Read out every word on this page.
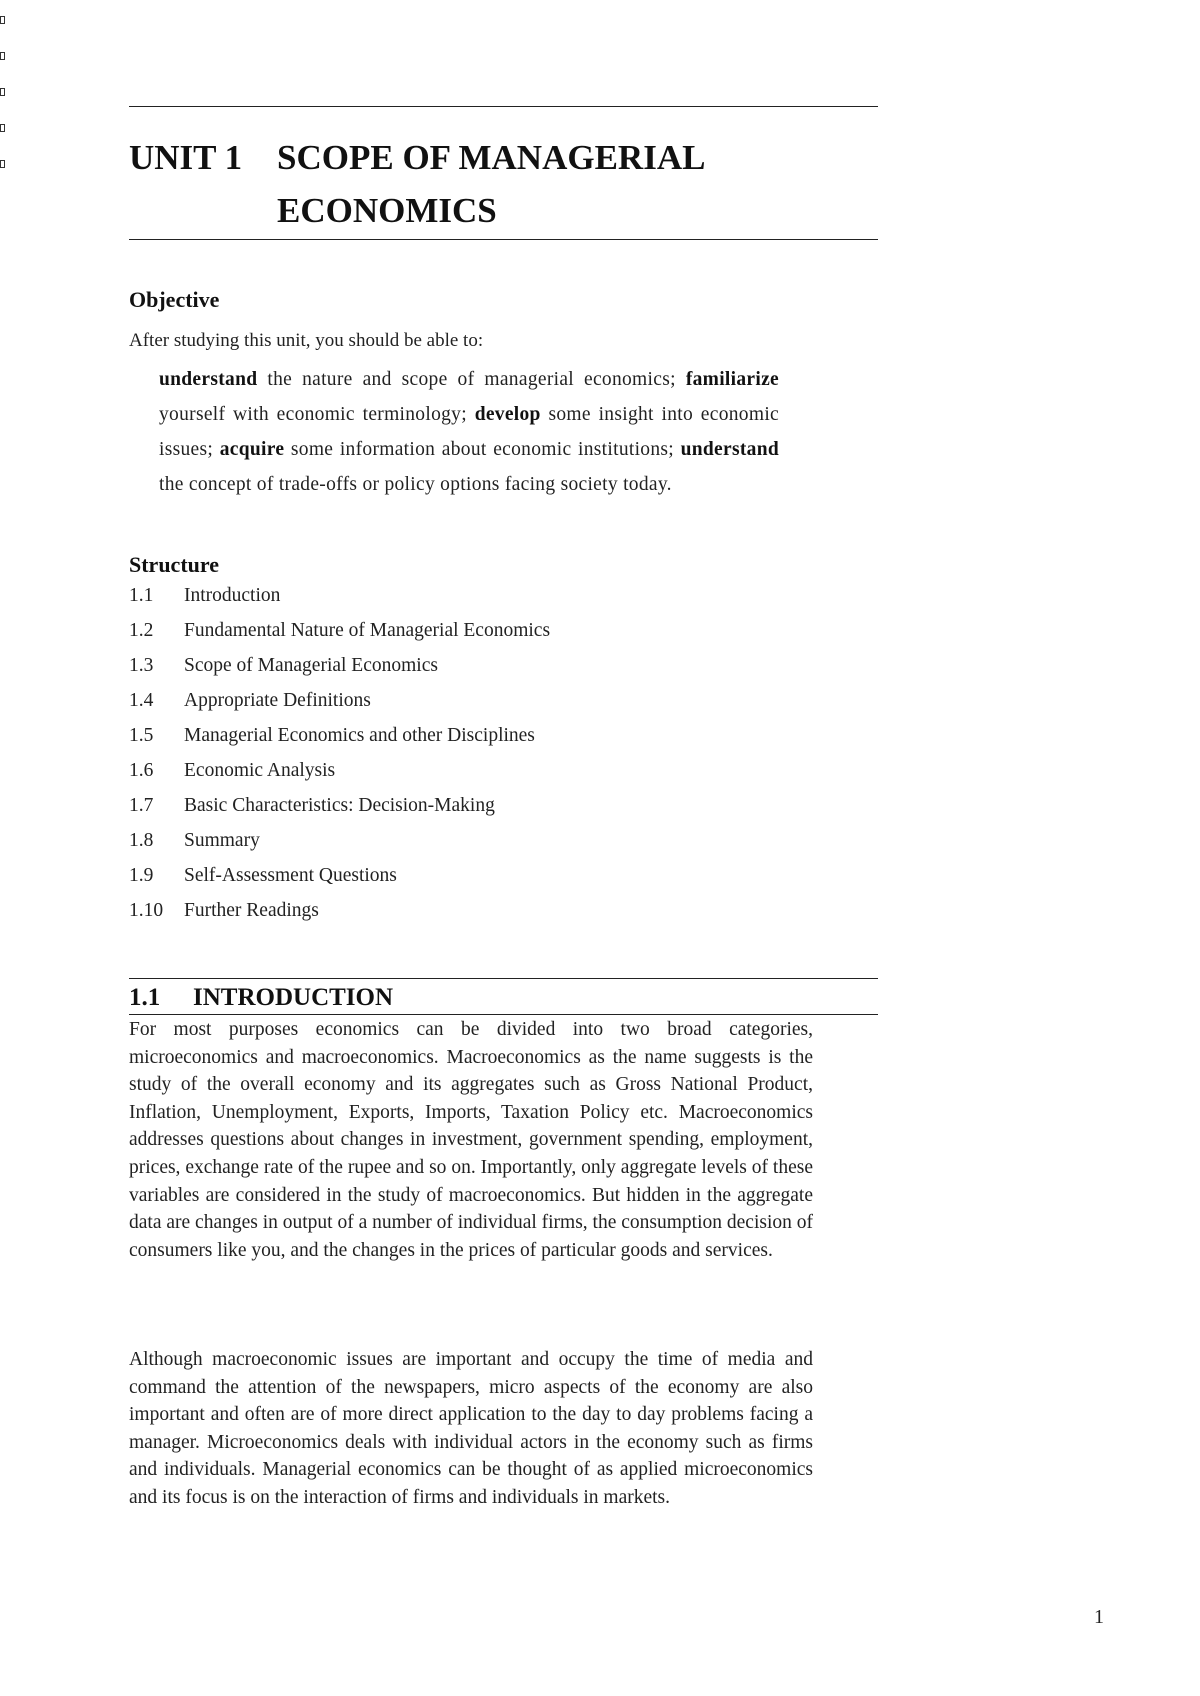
UNIT 1 SCOPE OF MANAGERIAL
ECONOMICS
Objective
After studying this unit, you should be able to:
understand the nature and scope of managerial economics; familiarize yourself with economic terminology; develop some insight into economic issues; acquire some information about economic institutions; understand the concept of trade-offs or policy options facing society today.
Structure
1.1	Introduction
1.2	Fundamental Nature of Managerial Economics
1.3	Scope of Managerial Economics
1.4	Appropriate Definitions
1.5	Managerial Economics and other Disciplines
1.6	Economic Analysis
1.7	Basic Characteristics: Decision-Making
1.8	Summary
1.9	Self-Assessment Questions
1.10	Further Readings
1.1	INTRODUCTION

For most purposes economics can be divided into two broad categories, microeconomics and macroeconomics. Macroeconomics as the name suggests is the study of the overall economy and its aggregates such as Gross National Product, Inflation, Unemployment, Exports, Imports, Taxation Policy etc. Macroeconomics addresses questions about changes in investment, government spending, employment, prices, exchange rate of the rupee and so on. Importantly, only aggregate levels of these variables are considered in the study of macroeconomics. But hidden in the aggregate data are changes in output of a number of individual firms, the consumption decision of consumers like you, and the changes in the prices of particular goods and services.

Although macroeconomic issues are important and occupy the time of media and command the attention of the newspapers, micro aspects of the economy are also important and often are of more direct application to the day to day problems facing a manager. Microeconomics deals with individual actors in the economy such as firms and individuals. Managerial economics can be thought of as applied microeconomics and its focus is on the interaction of firms and individuals in markets.

1
